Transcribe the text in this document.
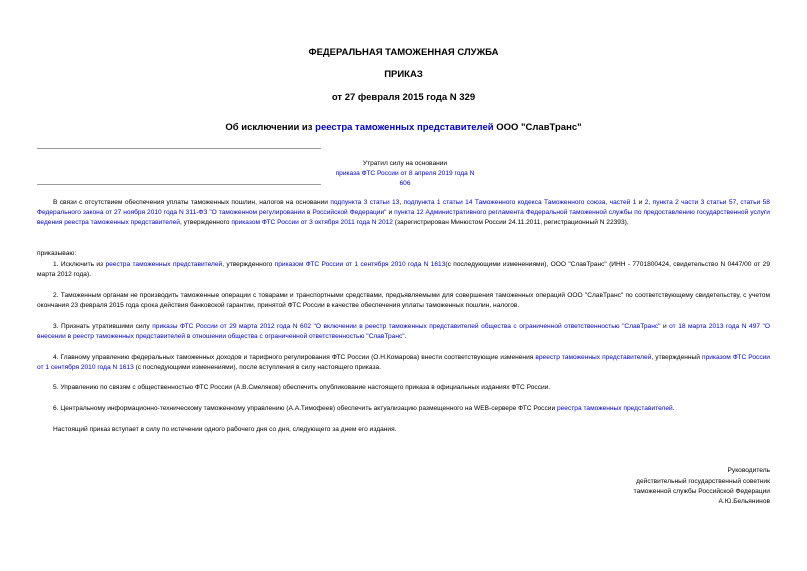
ФЕДЕРАЛЬНАЯ ТАМОЖЕННАЯ СЛУЖБА
ПРИКАЗ
от 27 февраля 2015 года N 329
Об исключении из реестра таможенных представителей ООО "СлавТранс"
Утратил силу на основании
приказа ФТС России от 8 апреля 2019 года N 606
В связи с отсутствием обеспечения уплаты таможенных пошлин, налогов на основании подпункта 3 статьи 13, подпункта 1 статьи 14 Таможенного кодекса Таможенного союза, частей 1 и 2, пункта 2 части 3 статьи 57, статьи 58 Федерального закона от 27 ноября 2010 года N 311-ФЗ "О таможенном регулировании в Российской Федерации" и пункта 12 Административного регламента Федеральной таможенной службы по предоставлению государственной услуги ведения реестра таможенных представителей, утвержденного приказом ФТС России от 3 октября 2011 года N 2012 (зарегистрирован Минюстом России 24.11.2011, регистрационный N 22393),
приказываю:
1. Исключить из реестра таможенных представителей, утвержденного приказом ФТС России от 1 сентября 2010 года N 1613(с последующими изменениями), ООО "СлавТранс" (ИНН - 7701800424, свидетельство N 0447/00 от 29 марта 2012 года).
2. Таможенным органам не производить таможенные операции с товарами и транспортными средствами, предъявляемыми для совершения таможенных операций ООО "СлавТранс" по соответствующему свидетельству, с учетом окончания 23 февраля 2015 года срока действия банковской гарантии, принятой ФТС России в качестве обеспечения уплаты таможенных пошлин, налогов.
3. Признать утратившими силу приказы ФТС России от 29 марта 2012 года N 602 "О включении в реестр таможенных представителей общества с ограниченной ответственностью "СлавТранс" и от 18 марта 2013 года N 497 "О внесении в реестр таможенных представителей в отношении общества с ограниченной ответственностью "СлавТранс".
4. Главному управлению федеральных таможенных доходов и тарифного регулирования ФТС России (О.Н.Комарова) внести соответствующие изменения вреестр таможенных представителей, утвержденный приказом ФТС России от 1 сентября 2010 года N 1613 (с последующими изменениями), после вступления в силу настоящего приказа.
5. Управлению по связям с общественностью ФТС России (А.В.Смеляков) обеспечить опубликование настоящего приказа в официальных изданиях ФТС России.
6. Центральному информационно-техническому таможенному управлению (А.А.Тимофеев) обеспечить актуализацию размещенного на WEB-сервере ФТС России реестра таможенных представителей.
Настоящий приказ вступает в силу по истечении одного рабочего дня со дня, следующего за днем его издания.
Руководитель
действительный государственный советник
таможенной службы Российской Федерации
А.Ю.Бельянинов
